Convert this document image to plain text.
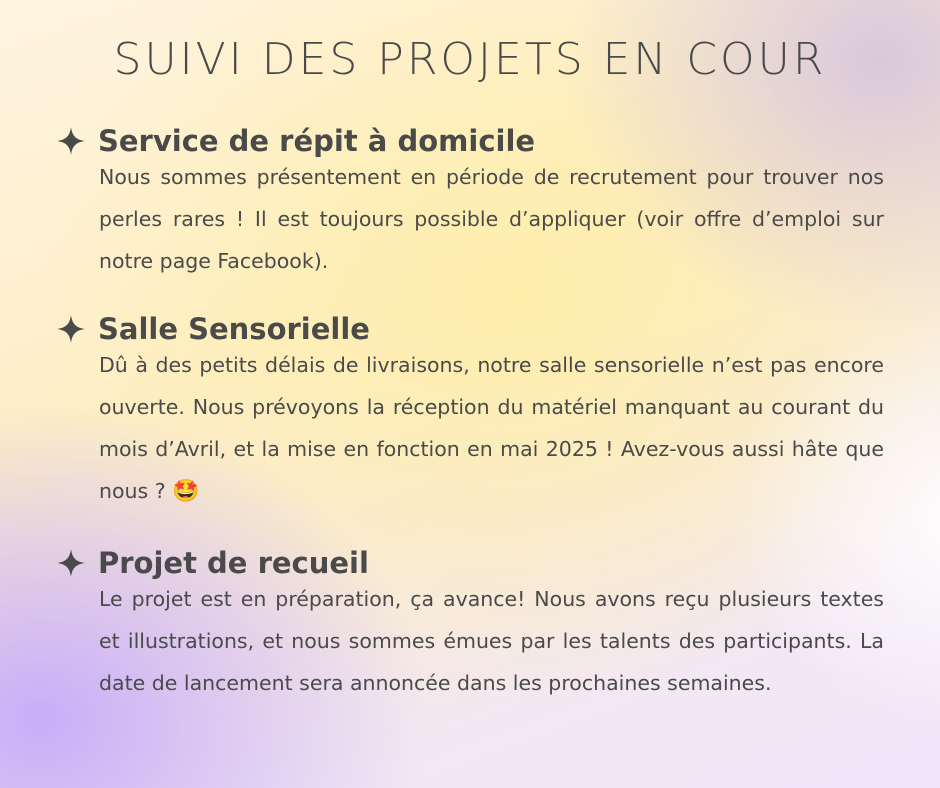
SUIVI DES PROJETS EN COUR
Service de répit à domicile
Nous sommes présentement en période de recrutement pour trouver nos perles rares ! Il est toujours possible d’appliquer (voir offre d’emploi sur notre page Facebook).
Salle Sensorielle
Dû à des petits délais de livraisons, notre salle sensorielle n’est pas encore ouverte. Nous prévoyons la réception du matériel manquant au courant du mois d’Avril, et la mise en fonction en mai 2025 ! Avez-vous aussi hâte que nous ? 🤩
Projet de recueil
Le projet est en préparation, ça avance! Nous avons reçu plusieurs textes et illustrations, et nous sommes émues par les talents des participants. La date de lancement sera annoncée dans les prochaines semaines.
